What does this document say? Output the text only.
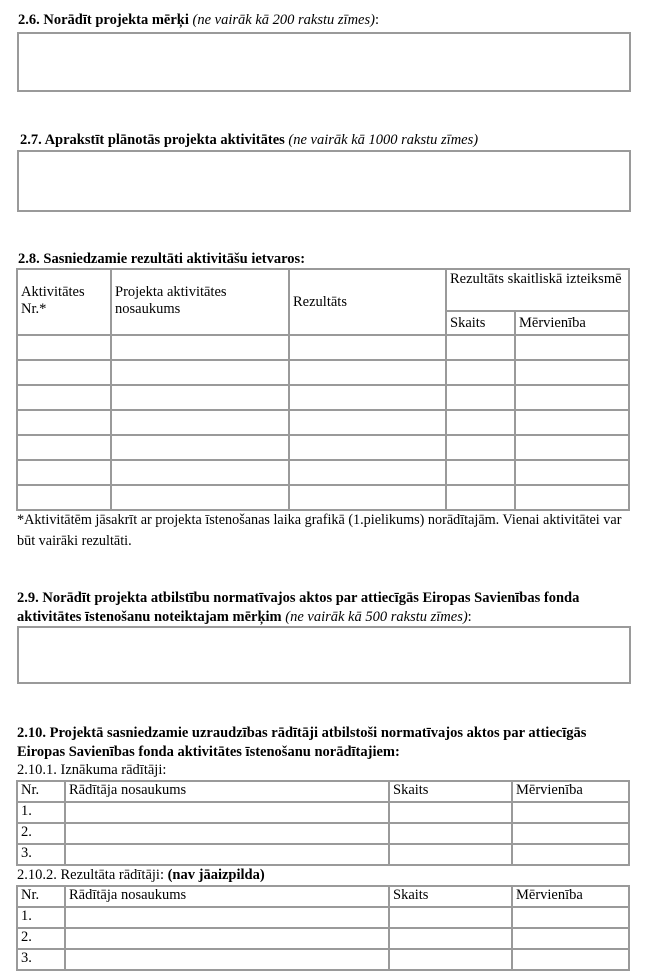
2.6. Norādīt projekta mērķi (ne vairāk kā 200 rakstu zīmes):
2.7. Aprakstīt plānotās projekta aktivitātes (ne vairāk kā 1000 rakstu zīmes)
2.8. Sasniedzamie rezultāti aktivitāšu ietvaros:
Aktivitātes Nr.*	Projekta aktivitātes nosaukums	Rezultāts	Rezultāts skaitliskā izteiksmē	
			Skaits	Mērvienība

*Aktivitātēm jāsakrīt ar projekta īstenošanas laika grafikā (1.pielikums) norādītajām. Vienai aktivitātei var būt vairāki rezultāti.
2.9. Norādīt projekta atbilstību normatīvajos aktos par attiecīgās Eiropas Savienības fonda aktivitātes īstenošanu noteiktajam mērķim (ne vairāk kā 500 rakstu zīmes):
2.10. Projektā sasniedzamie uzraudzības rādītāji atbilstoši normatīvajos aktos par attiecīgās Eiropas Savienības fonda aktivitātes īstenošanu norādītajiem:
2.10.1. Iznākuma rādītāji:
Nr.	Rādītāja nosaukums	Skaits	Mērvienība
1.			
2.			
3.			
2.10.2. Rezultāta rādītāji: (nav jāaizpilda)
Nr.	Rādītāja nosaukums	Skaits	Mērvienība
1.			
2.			
3.			
